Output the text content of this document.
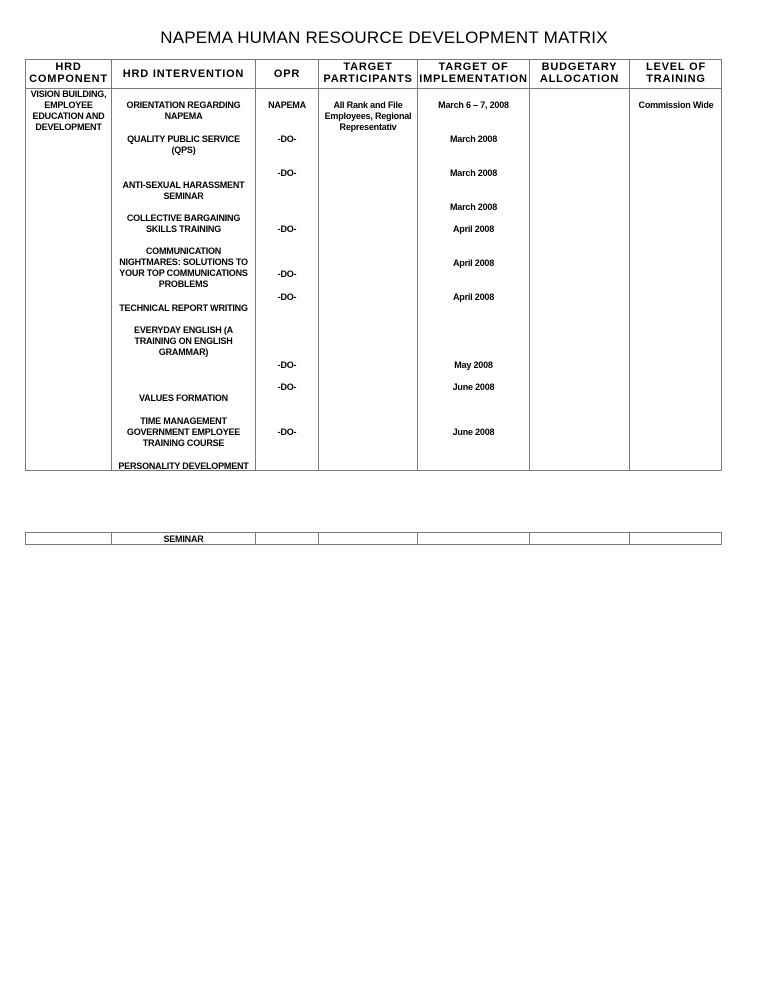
NAPEMA HUMAN RESOURCE DEVELOPMENT MATRIX
HRD COMPONENT	HRD INTERVENTION	OPR
TARGET PARTICIPANTS
TARGET OF IMPLEMENTATION
BUDGETARY ALLOCATION
LEVEL OF TRAINING
VISION BUILDING, EMPLOYEE EDUCATION AND DEVELOPMENT
ORIENTATION REGARDING NAPEMA
QUALITY PUBLIC SERVICE (QPS)
ANTI-SEXUAL HARASSMENT SEMINAR
COLLECTIVE BARGAINING SKILLS TRAINING
COMMUNICATION NIGHTMARES: SOLUTIONS TO YOUR TOP COMMUNICATIONS PROBLEMS
TECHNICAL REPORT WRITING
EVERYDAY ENGLISH (A TRAINING ON ENGLISH GRAMMAR)
VALUES FORMATION
TIME MANAGEMENT GOVERNMENT EMPLOYEE TRAINING COURSE
PERSONALITY DEVELOPMENT
NAPEMA
-DO-
-DO-
-DO-
-DO-
-DO-
-DO-
-DO-
-DO-
All Rank and File Employees, Regional Representativ
March 6 – 7, 2008
March 2008
March 2008
March 2008
April 2008
April 2008
April 2008
May 2008
June 2008
June 2008
Commission Wide
SEMINAR
